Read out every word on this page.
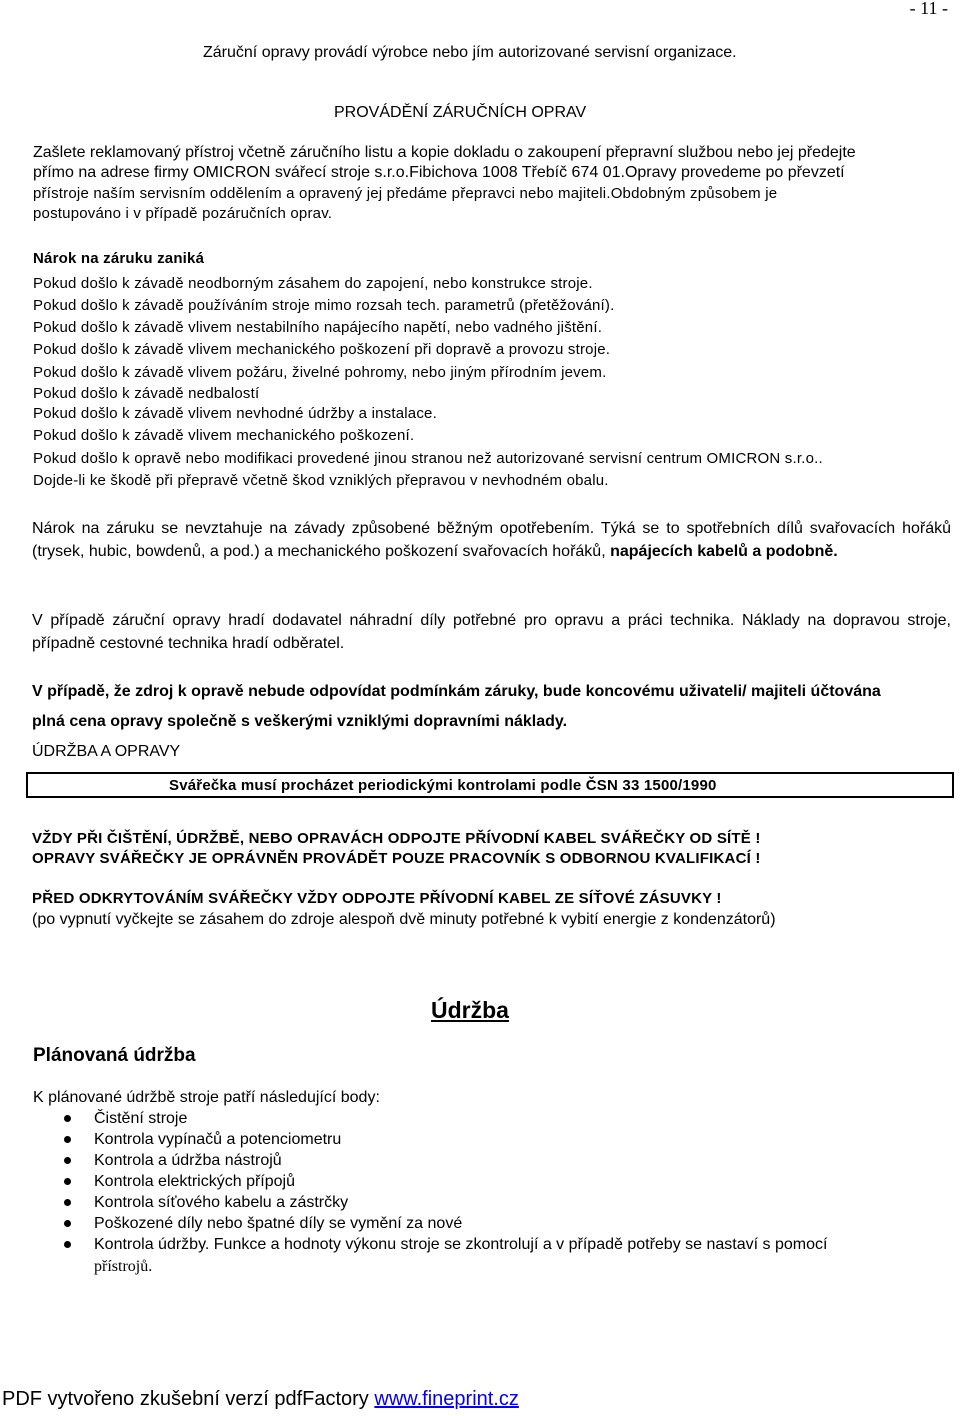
- 11 -
Záruční opravy provádí výrobce nebo jím autorizované servisní organizace.
PROVÁDĚNÍ ZÁRUČNÍCH OPRAV
Zašlete reklamovaný přístroj včetně záručního listu a kopie dokladu o zakoupení přepravní službou nebo jej předejte
přímo na adrese firmy OMICRON svářecí stroje s.r.o.Fibichova 1008 Třebíč 674 01.Opravy provedeme po převzetí
přístroje naším servisním oddělením a opravený jej předáme přepravci nebo majiteli.Obdobným způsobem je
postupováno i v případě pozáručních oprav.
Nárok na záruku zaniká
Pokud došlo k závadě neodborným zásahem do zapojení, nebo konstrukce stroje.
Pokud došlo k závadě používáním stroje mimo rozsah tech. parametrů (přetěžování).
Pokud došlo k závadě vlivem nestabilního napájecího napětí, nebo vadného jištění.
Pokud došlo k závadě vlivem mechanického poškození při dopravě a provozu stroje.
Pokud došlo k závadě vlivem požáru, živelné pohromy, nebo jiným přírodním jevem.
Pokud došlo k závadě nedbalostí
Pokud došlo k závadě vlivem nevhodné údržby a instalace.
Pokud došlo k závadě vlivem mechanického poškození.
Pokud došlo k opravě nebo modifikaci provedené jinou stranou než autorizované servisní centrum OMICRON s.r.o..
Dojde-li ke škodě při přepravě včetně škod vzniklých přepravou v nevhodném obalu.
Nárok na záruku se nevztahuje na závady způsobené běžným opotřebením. Týká se to spotřebních dílů svařovacích hořáků (trysek, hubic, bowdenů, a pod.) a mechanického poškození svařovacích hořáků, napájecích kabelů a podobně.
V případě záruční opravy hradí dodavatel náhradní díly potřebné pro opravu a práci technika. Náklady na dopravou stroje, případně cestovné technika hradí odběratel.
V případě, že zdroj k opravě nebude odpovídat podmínkám záruky, bude koncovému uživateli/ majiteli účtována
plná cena opravy společně s veškerými vzniklými dopravními náklady.
ÚDRŽBA A OPRAVY
Svářečka musí procházet periodickými kontrolami podle ČSN 33 1500/1990
VŽDY PŘI ČIŠTĚNÍ, ÚDRŽBĚ, NEBO OPRAVÁCH ODPOJTE PŘÍVODNÍ KABEL SVÁŘEČKY OD SÍTĚ !
OPRAVY SVÁŘEČKY JE OPRÁVNĚN PROVÁDĚT POUZE PRACOVNÍK S ODBORNOU KVALIFIKACÍ !
PŘED ODKRYTOVÁNÍM SVÁŘEČKY VŽDY ODPOJTE PŘÍVODNÍ KABEL ZE SÍŤOVÉ ZÁSUVKY !
(po vypnutí vyčkejte se zásahem do zdroje alespoň dvě minuty potřebné k vybití energie z kondenzátorů)
Údržba
Plánovaná údržba
K plánované údržbě stroje patří následující body:
Čistění stroje
Kontrola vypínačů a potenciometru
Kontrola a údržba nástrojů
Kontrola elektrických přípojů
Kontrola síťového kabelu a zástrčky
Poškozené díly nebo špatné díly se vymění za nové
Kontrola údržby. Funkce a hodnoty výkonu stroje se zkontrolují a v případě potřeby se nastaví s pomocí
přístrojů.
PDF vytvořeno zkušební verzí pdfFactory www.fineprint.cz
